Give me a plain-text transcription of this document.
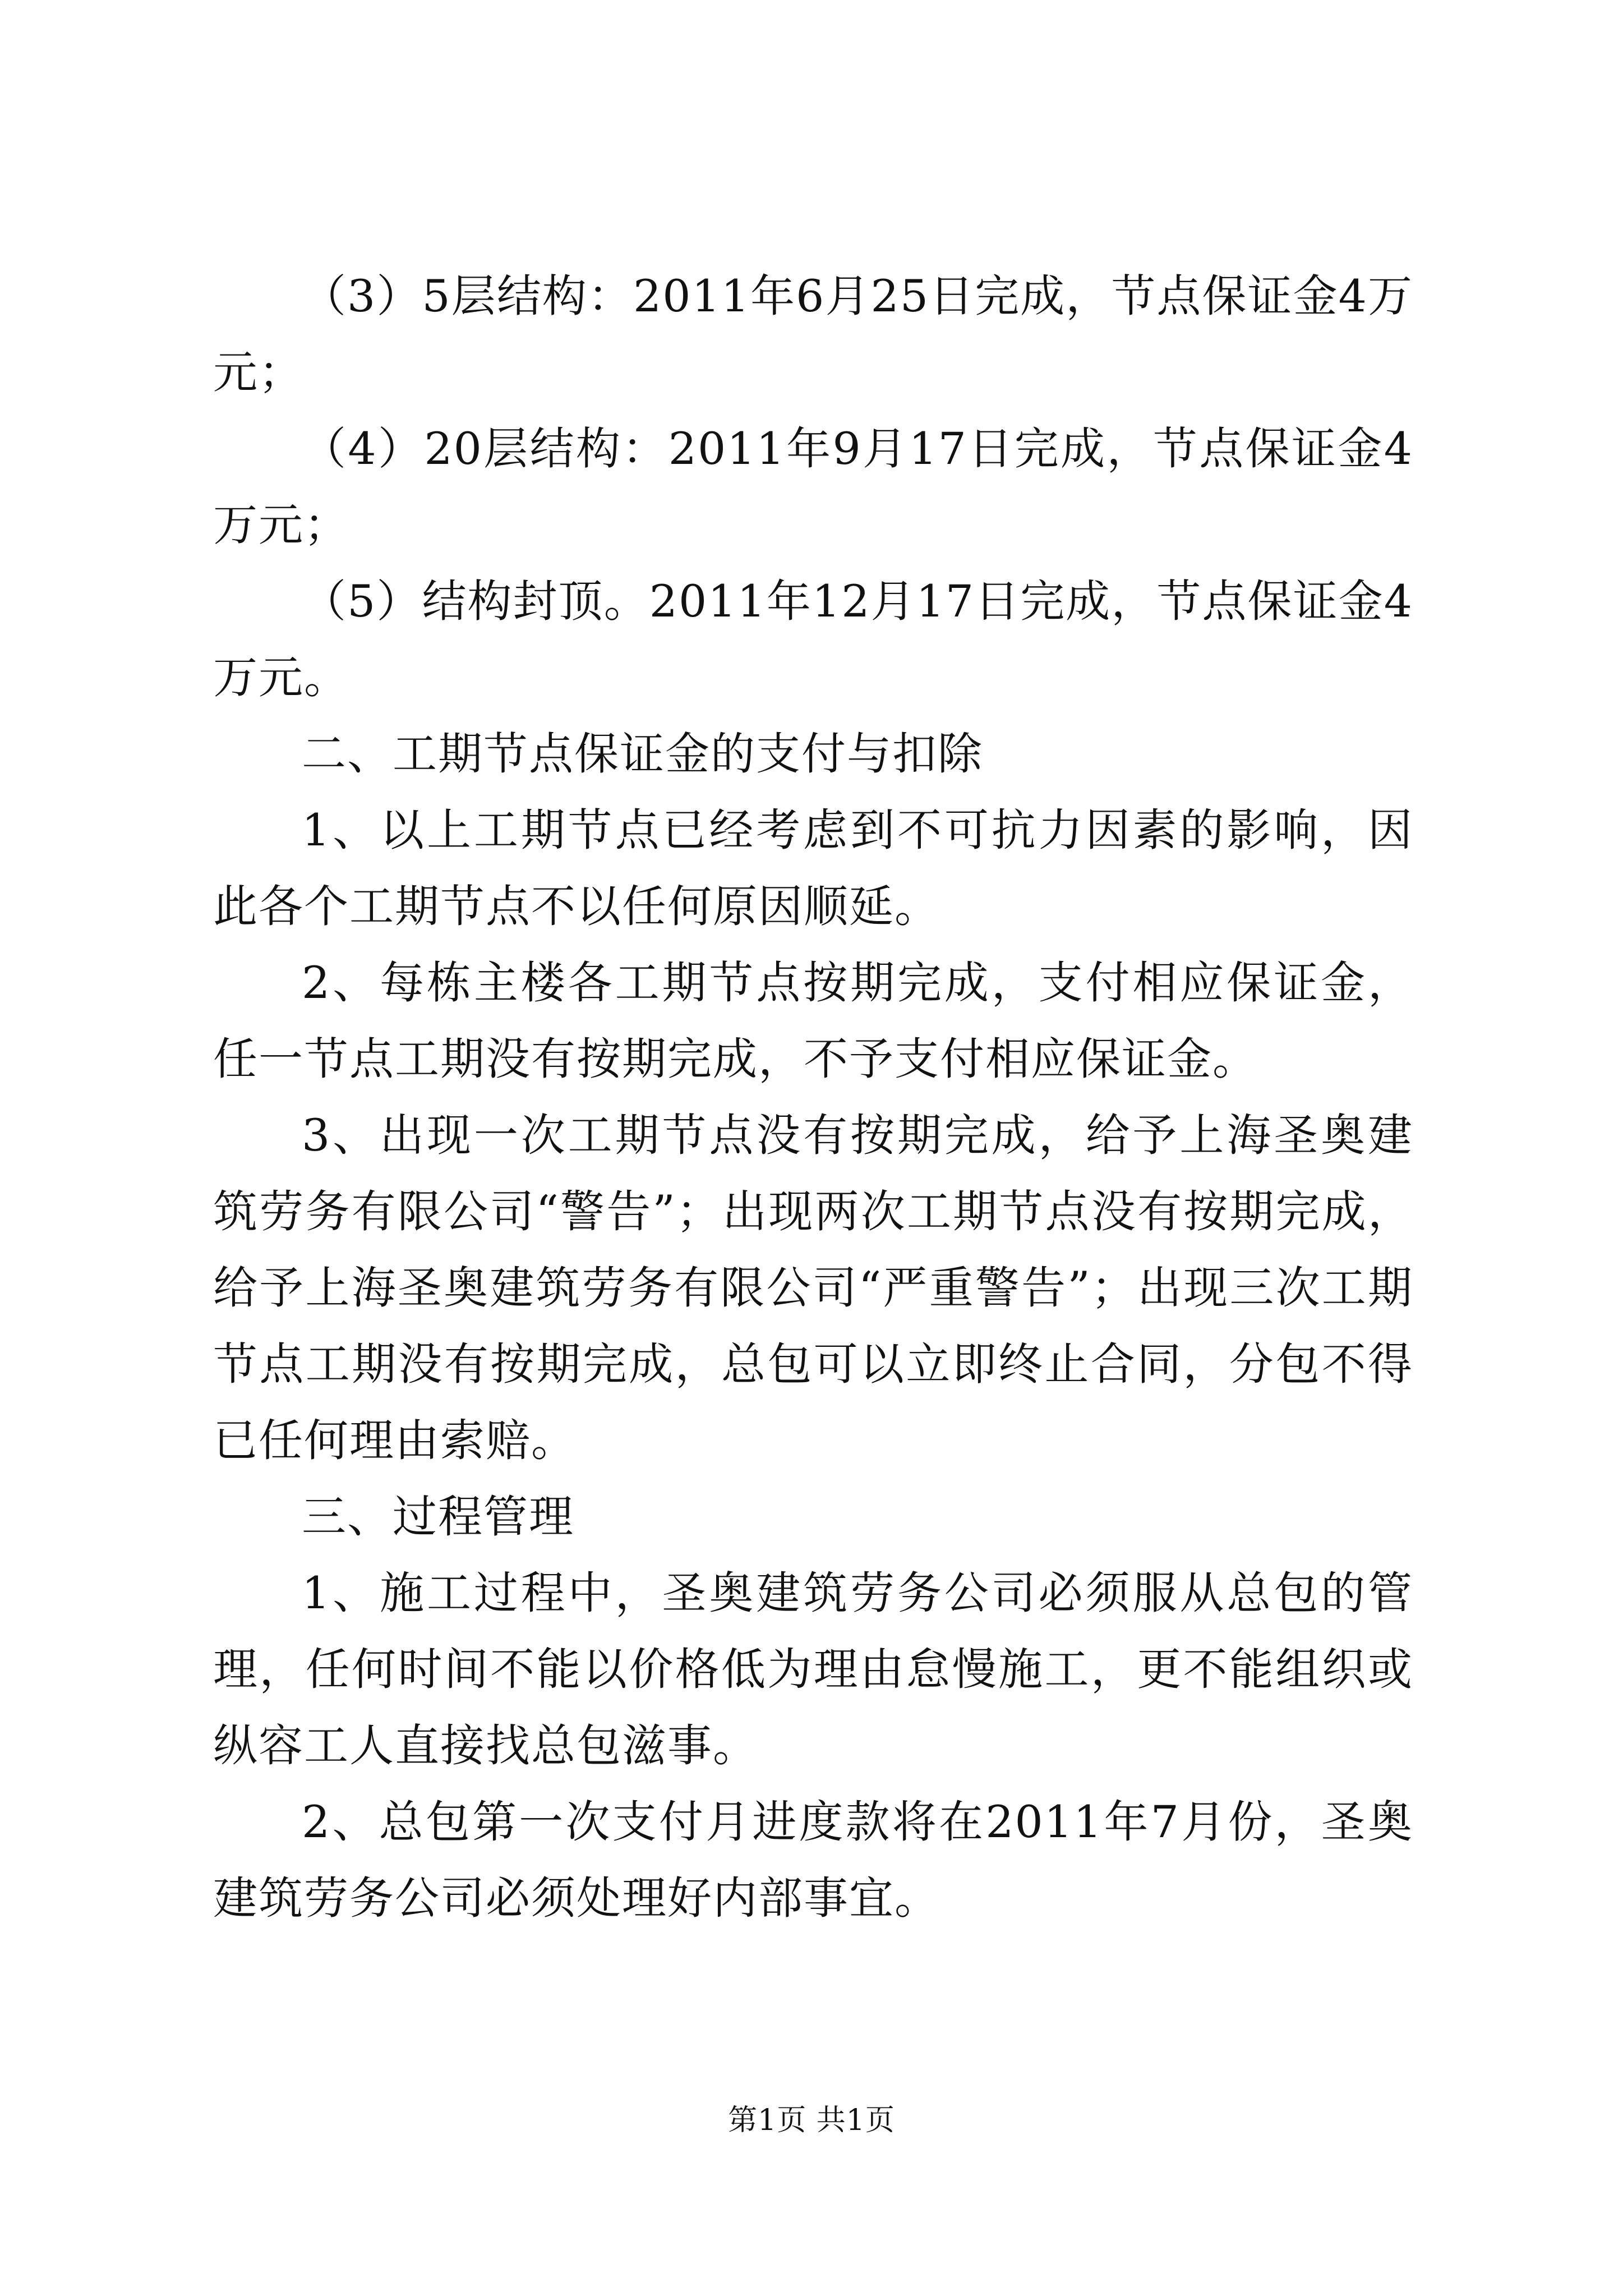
（3）5层结构：2011年6月25日完成，节点保证金4万元；

（4）20层结构：2011年9月17日完成，节点保证金4万元；

（5）结构封顶。2011年12月17日完成，节点保证金4万元。

二、工期节点保证金的支付与扣除

1、以上工期节点已经考虑到不可抗力因素的影响，因此各个工期节点不以任何原因顺延。

2、每栋主楼各工期节点按期完成，支付相应保证金，任一节点工期没有按期完成，不予支付相应保证金。

3、出现一次工期节点没有按期完成，给予上海圣奥建筑劳务有限公司“警告”；出现两次工期节点没有按期完成，给予上海圣奥建筑劳务有限公司“严重警告”；出现三次工期节点工期没有按期完成，总包可以立即终止合同，分包不得已任何理由索赔。

三、过程管理

1、施工过程中，圣奥建筑劳务公司必须服从总包的管理，任何时间不能以价格低为理由怠慢施工，更不能组织或纵容工人直接找总包滋事。

2、总包第一次支付月进度款将在2011年7月份，圣奥建筑劳务公司必须处理好内部事宜。

第1页 共1页
